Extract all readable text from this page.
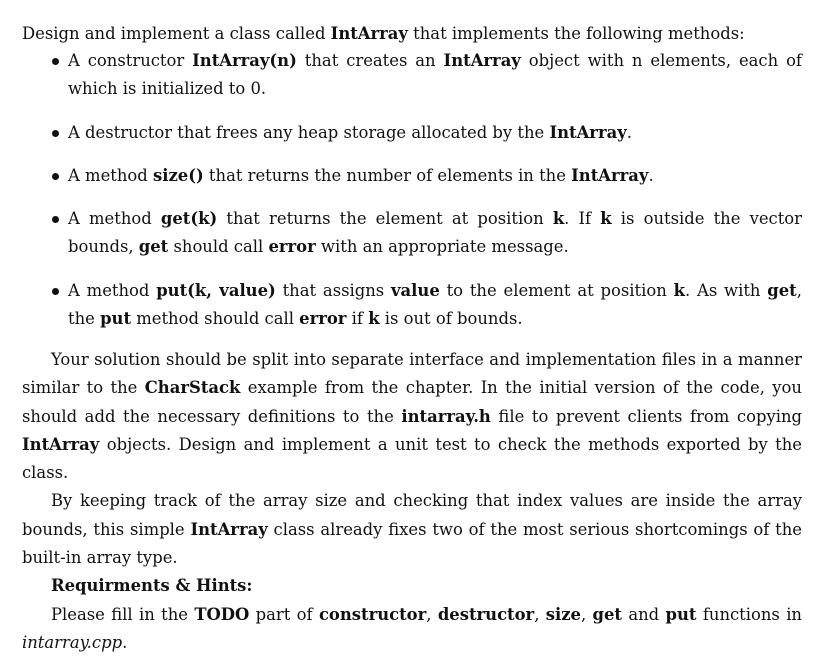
Design and implement a class called IntArray that implements the following methods:

A constructor IntArray(n) that creates an IntArray object with n elements, each of which is initialized to 0.
A destructor that frees any heap storage allocated by the IntArray.
A method size() that returns the number of elements in the IntArray.
A method get(k) that returns the element at position k. If k is outside the vector bounds, get should call error with an appropriate message.
A method put(k, value) that assigns value to the element at position k. As with get, the put method should call error if k is out of bounds.

Your solution should be split into separate interface and implementation files in a manner similar to the CharStack example from the chapter. In the initial version of the code, you should add the necessary definitions to the intarray.h file to prevent clients from copying IntArray objects. Design and implement a unit test to check the methods exported by the class.

By keeping track of the array size and checking that index values are inside the array bounds, this simple IntArray class already fixes two of the most serious shortcomings of the built-in array type.

Requirments & Hints:

Please fill in the TODO part of constructor, destructor, size, get and put functions in intarray.cpp.
